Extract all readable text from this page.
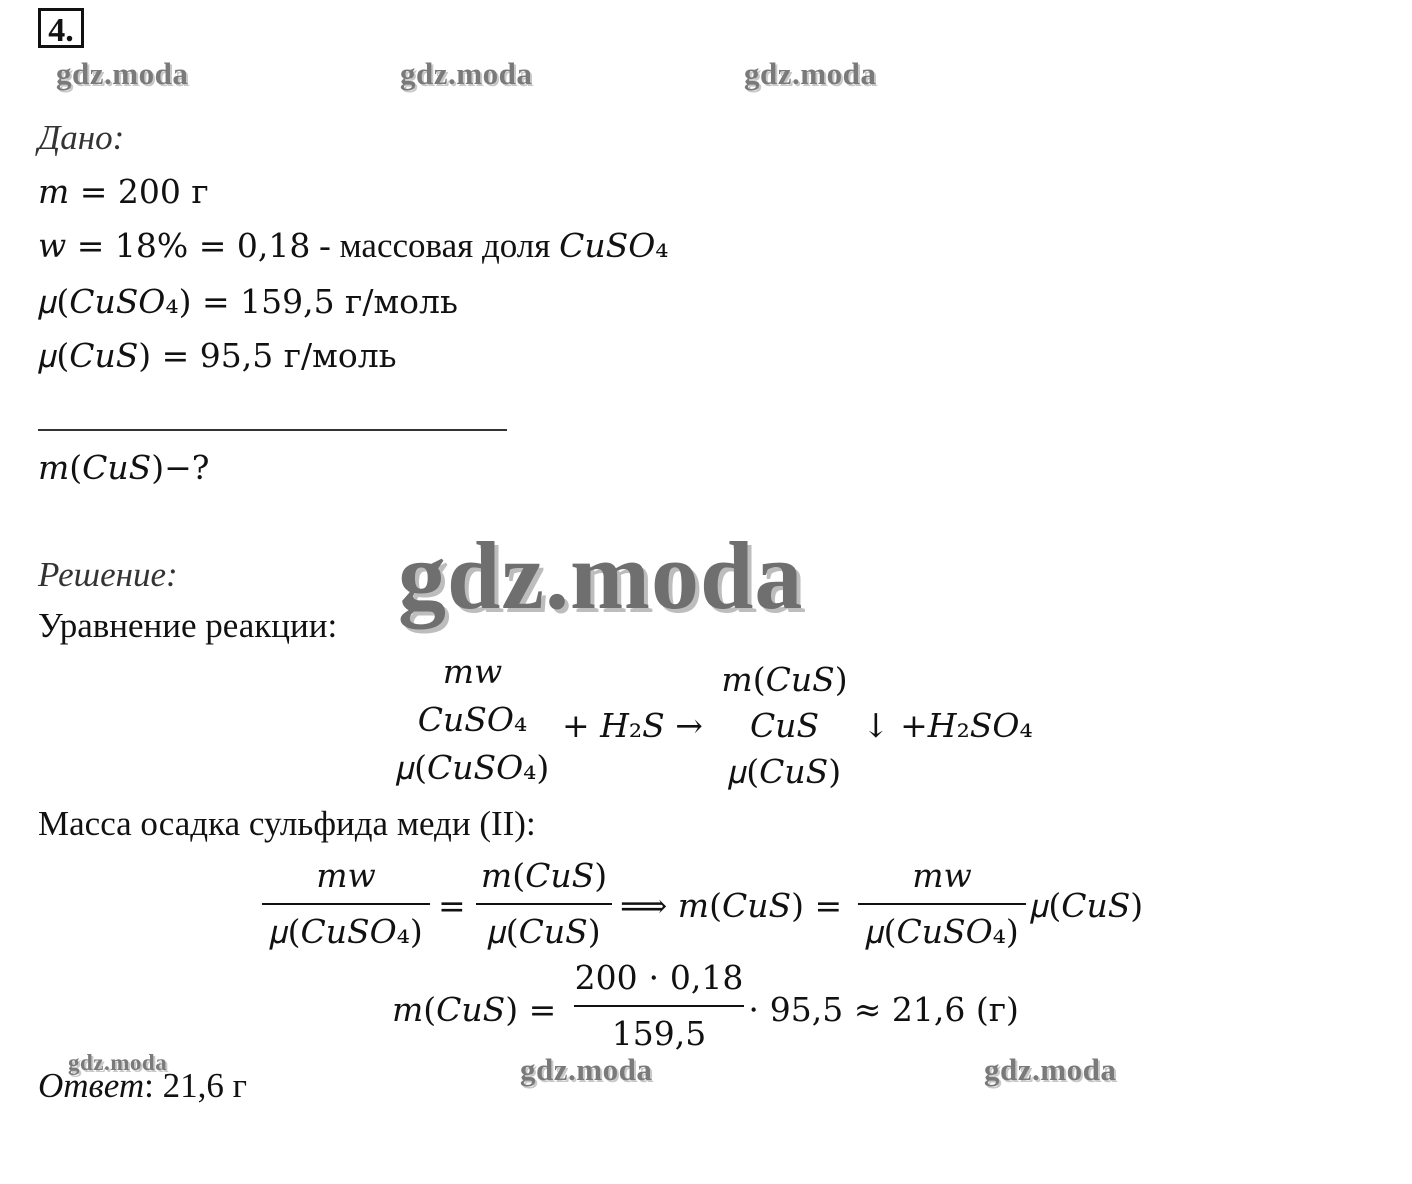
4.
gdz.moda	gdz.moda	gdz.moda
Дано:
𝑚 = 200 г
𝑤 = 18% = 0,18 - массовая доля 𝐶𝑢𝑆𝑂₄
𝜇(𝐶𝑢𝑆𝑂₄) = 159,5 г/моль
𝜇(𝐶𝑢𝑆) = 95,5 г/моль
𝑚(𝐶𝑢𝑆)−?
Решение: gdz.moda
Уравнение реакции:
𝑚𝑤
𝐶𝑢𝑆𝑂₄
𝜇(𝐶𝑢𝑆𝑂₄)
+ 𝐻₂𝑆 →
𝑚(𝐶𝑢𝑆)
𝐶𝑢𝑆
𝜇(𝐶𝑢𝑆)
↓ +𝐻₂𝑆𝑂₄
Масса осадка сульфида меди (II):
𝑚𝑤
𝜇(𝐶𝑢𝑆𝑂₄)
=
𝑚(𝐶𝑢𝑆)
𝜇(𝐶𝑢𝑆)
⟹ 𝑚(𝐶𝑢𝑆) =
𝑚𝑤
𝜇(𝐶𝑢𝑆𝑂₄)
𝜇(𝐶𝑢𝑆)
𝑚(𝐶𝑢𝑆) =
200 ⋅ 0,18
159,5
⋅ 95,5 ≈ 21,6 (г)
gdz.moda	gdz.moda	gdz.moda
Ответ: 21,6 г
